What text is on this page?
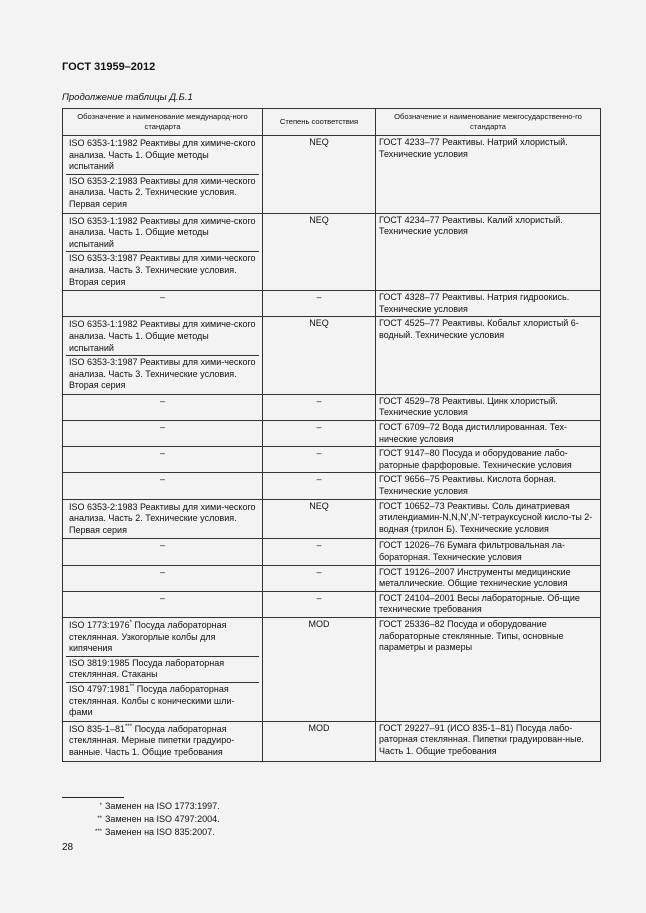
ГОСТ 31959–2012
Продолжение таблицы Д.Б.1
Обозначение и наименование международ-ного стандарта	Степень соответствия	Обозначение и наименование межгосударственно-го стандарта

ISO 6353-1:1982 Реактивы для химиче-ского анализа. Часть 1. Общие методы испытаний
ISO 6353-2:1983 Реактивы для хими-ческого анализа. Часть 2. Технические условия. Первая серия	NEQ	ГОСТ 4233–77 Реактивы. Натрий хлористый. Технические условия

ISO 6353-1:1982 Реактивы для химиче-ского анализа. Часть 1. Общие методы испытаний
ISO 6353-3:1987 Реактивы для хими-ческого анализа. Часть 3. Технические условия. Вторая серия	NEQ	ГОСТ 4234–77 Реактивы. Калий хлористый. Технические условия
–	–	ГОСТ 4328–77 Реактивы. Натрия гидроокись. Технические условия

ISO 6353-1:1982 Реактивы для химиче-ского анализа. Часть 1. Общие методы испытаний
ISO 6353-3:1987 Реактивы для хими-ческого анализа. Часть 3. Технические условия. Вторая серия	NEQ	ГОСТ 4525–77 Реактивы. Кобальт хлористый 6-водный. Технические условия
–	–	ГОСТ 4529–78 Реактивы. Цинк хлористый. Технические условия
–	–	ГОСТ 6709–72 Вода дистиллированная. Тех-нические условия
–	–	ГОСТ 9147–80 Посуда и оборудование лабо-раторные фарфоровые. Технические условия
–	–	ГОСТ 9656–75 Реактивы. Кислота борная. Технические условия

ISO 6353-2:1983 Реактивы для хими-ческого анализа. Часть 2. Технические условия. Первая серия	NEQ	ГОСТ 10652–73 Реактивы. Соль динатриевая этилендиамин-N,N,N',N'-тетрауксусной кисло-ты 2-водная (трилон Б). Технические условия
–	–	ГОСТ 12026–76 Бумага фильтровальная ла-бораторная. Технические условия
–	–	ГОСТ 19126–2007 Инструменты медицинские металлические. Общие технические условия
–	–	ГОСТ 24104–2001 Весы лабораторные. Об-щие технические требования

ISO 1773:1976* Посуда лабораторная стеклянная. Узкогорлые колбы для кипячения
ISO 3819:1985 Посуда лабораторная стеклянная. Стаканы
ISO 4797:1981** Посуда лабораторная стеклянная. Колбы с коническими шли-фами	MOD	ГОСТ 25336–82 Посуда и оборудование лабораторные стеклянные. Типы, основные параметры и размеры

ISO 835-1–81*** Посуда лабораторная стеклянная. Мерные пипетки градуиро-ванные. Часть 1. Общие требования	MOD	ГОСТ 29227–91 (ИСО 835-1–81) Посуда лабо-раторная стеклянная. Пипетки градуирован-ные. Часть 1. Общие требования
* Заменен на ISO 1773:1997.
** Заменен на ISO 4797:2004.
*** Заменен на ISO 835:2007.
28
